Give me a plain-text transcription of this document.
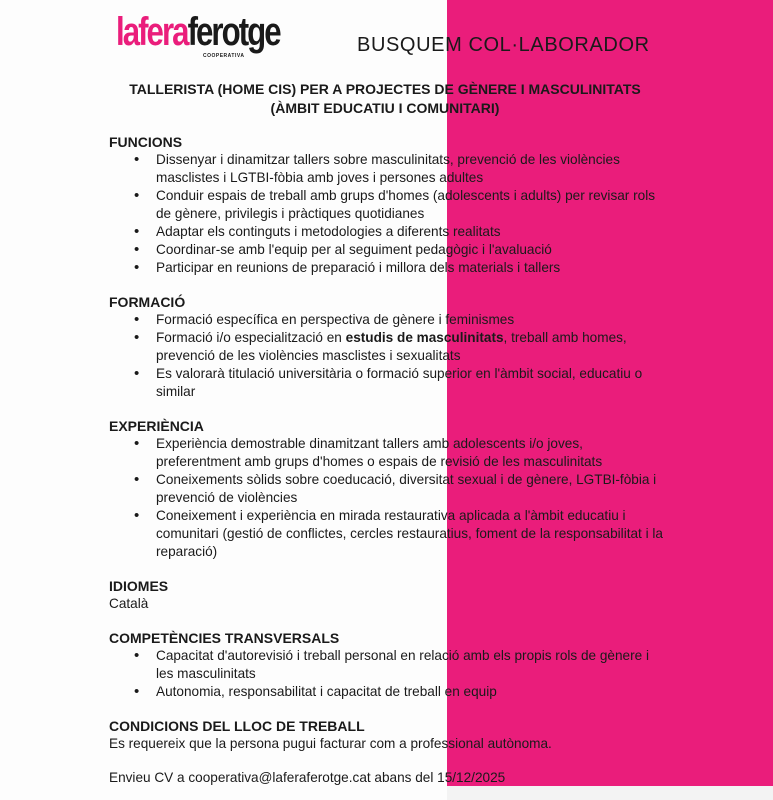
laferaferotge
COOPERATIVA	BUSQUEM COL·LABORADOR
TALLERISTA (HOME CIS) PER A PROJECTES DE GÈNERE I MASCULINITATS
(ÀMBIT EDUCATIU I COMUNITARI)

FUNCIONS

• Dissenyar i dinamitzar tallers sobre masculinitats, prevenció de les violències masclistes i LGTBI-fòbia amb joves i persones adultes
• Conduir espais de treball amb grups d'homes (adolescents i adults) per revisar rols de gènere, privilegis i pràctiques quotidianes
• Adaptar els continguts i metodologies a diferents realitats
• Coordinar-se amb l'equip per al seguiment pedagògic i l'avaluació
• Participar en reunions de preparació i millora dels materials i tallers

FORMACIÓ

• Formació específica en perspectiva de gènere i feminismes
• Formació i/o especialització en estudis de masculinitats, treball amb homes, prevenció de les violències masclistes i sexualitats
• Es valorarà titulació universitària o formació superior en l'àmbit social, educatiu o similar

EXPERIÈNCIA

• Experiència demostrable dinamitzant tallers amb adolescents i/o joves, preferentment amb grups d'homes o espais de revisió de les masculinitats
• Coneixements sòlids sobre coeducació, diversitat sexual i de gènere, LGTBI-fòbia i prevenció de violències
• Coneixement i experiència en mirada restaurativa aplicada a l'àmbit educatiu i comunitari (gestió de conflictes, cercles restauratius, foment de la responsabilitat i la reparació)

IDIOMES

Català

COMPETÈNCIES TRANSVERSALS

• Capacitat d'autorevisió i treball personal en relació amb els propis rols de gènere i les masculinitats
• Autonomia, responsabilitat i capacitat de treball en equip

CONDICIONS DEL LLOC DE TREBALL

Es requereix que la persona pugui facturar com a professional autònoma.

Envieu CV a cooperativa@laferaferotge.cat abans del 15/12/2025
